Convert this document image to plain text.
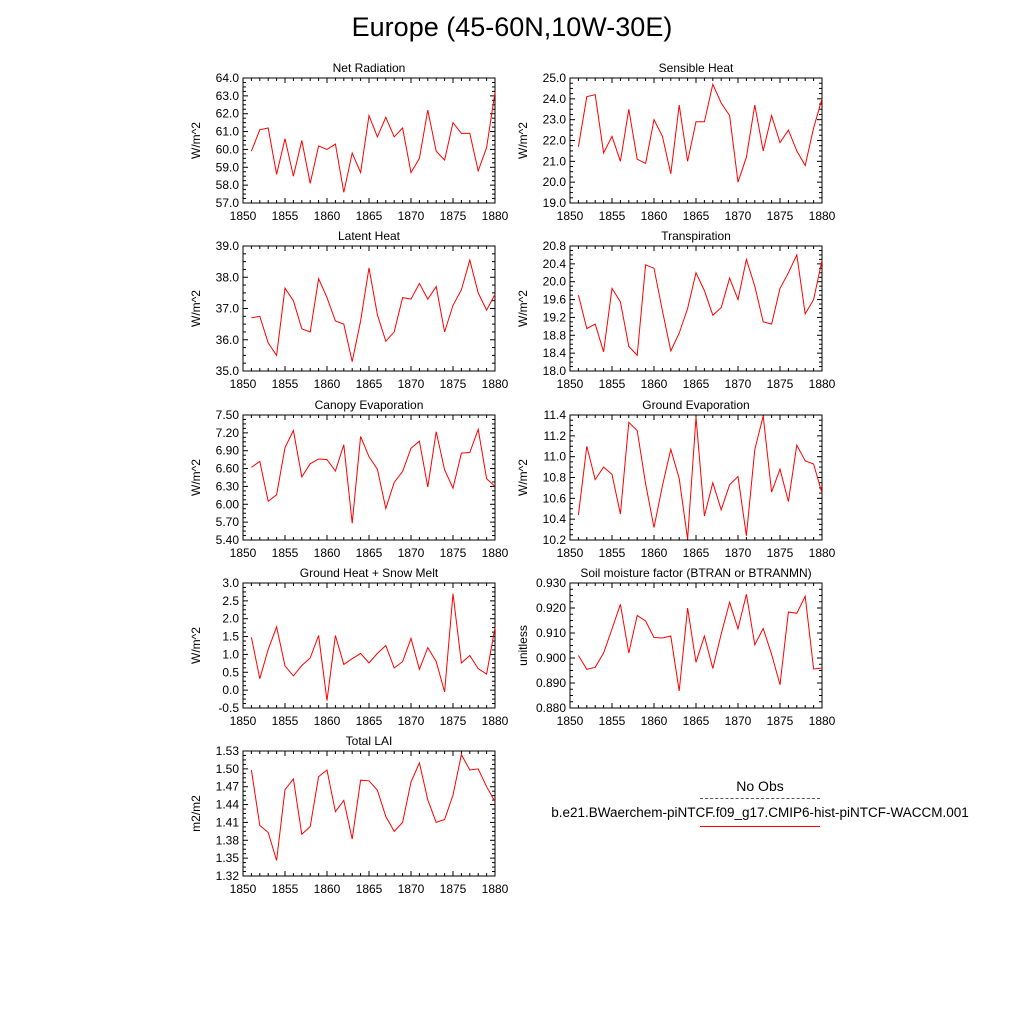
Europe (45-60N,10W-30E)
Net Radiation
W/m^2
57.0
58.0
59.0
60.0
61.0
62.0
63.0
64.0
1850 1855 1860 1865 1870 1875 1880
Sensible Heat
W/m^2
19.0
20.0
21.0
22.0
23.0
24.0
25.0
1850 1855 1860 1865 1870 1875 1880
Latent Heat
W/m^2
35.0
36.0
37.0
38.0
39.0
1850 1855 1860 1865 1870 1875 1880
Transpiration
W/m^2
18.0
18.4
18.8
19.2
19.6
20.0
20.4
20.8
1850 1855 1860 1865 1870 1875 1880
Canopy Evaporation
W/m^2
5.40
5.70
6.00
6.30
6.60
6.90
7.20
7.50
1850 1855 1860 1865 1870 1875 1880
Ground Evaporation
W/m^2
10.2
10.4
10.6
10.8
11.0
11.2
11.4
1850 1855 1860 1865 1870 1875 1880
Ground Heat + Snow Melt
W/m^2
-0.5
0.0
0.5
1.0
1.5
2.0
2.5
3.0
1850 1855 1860 1865 1870 1875 1880
Soil moisture factor (BTRAN or BTRANMN)
unitless
0.880
0.890
0.900
0.910
0.920
0.930
1850 1855 1860 1865 1870 1875 1880
Total LAI
m2/m2
1.32
1.35
1.38
1.41
1.44
1.47
1.50
1.53
1850 1855 1860 1865 1870 1875 1880
No Obs
b.e21.BWaerchem-piNTCF.f09_g17.CMIP6-hist-piNTCF-WACCM.001
